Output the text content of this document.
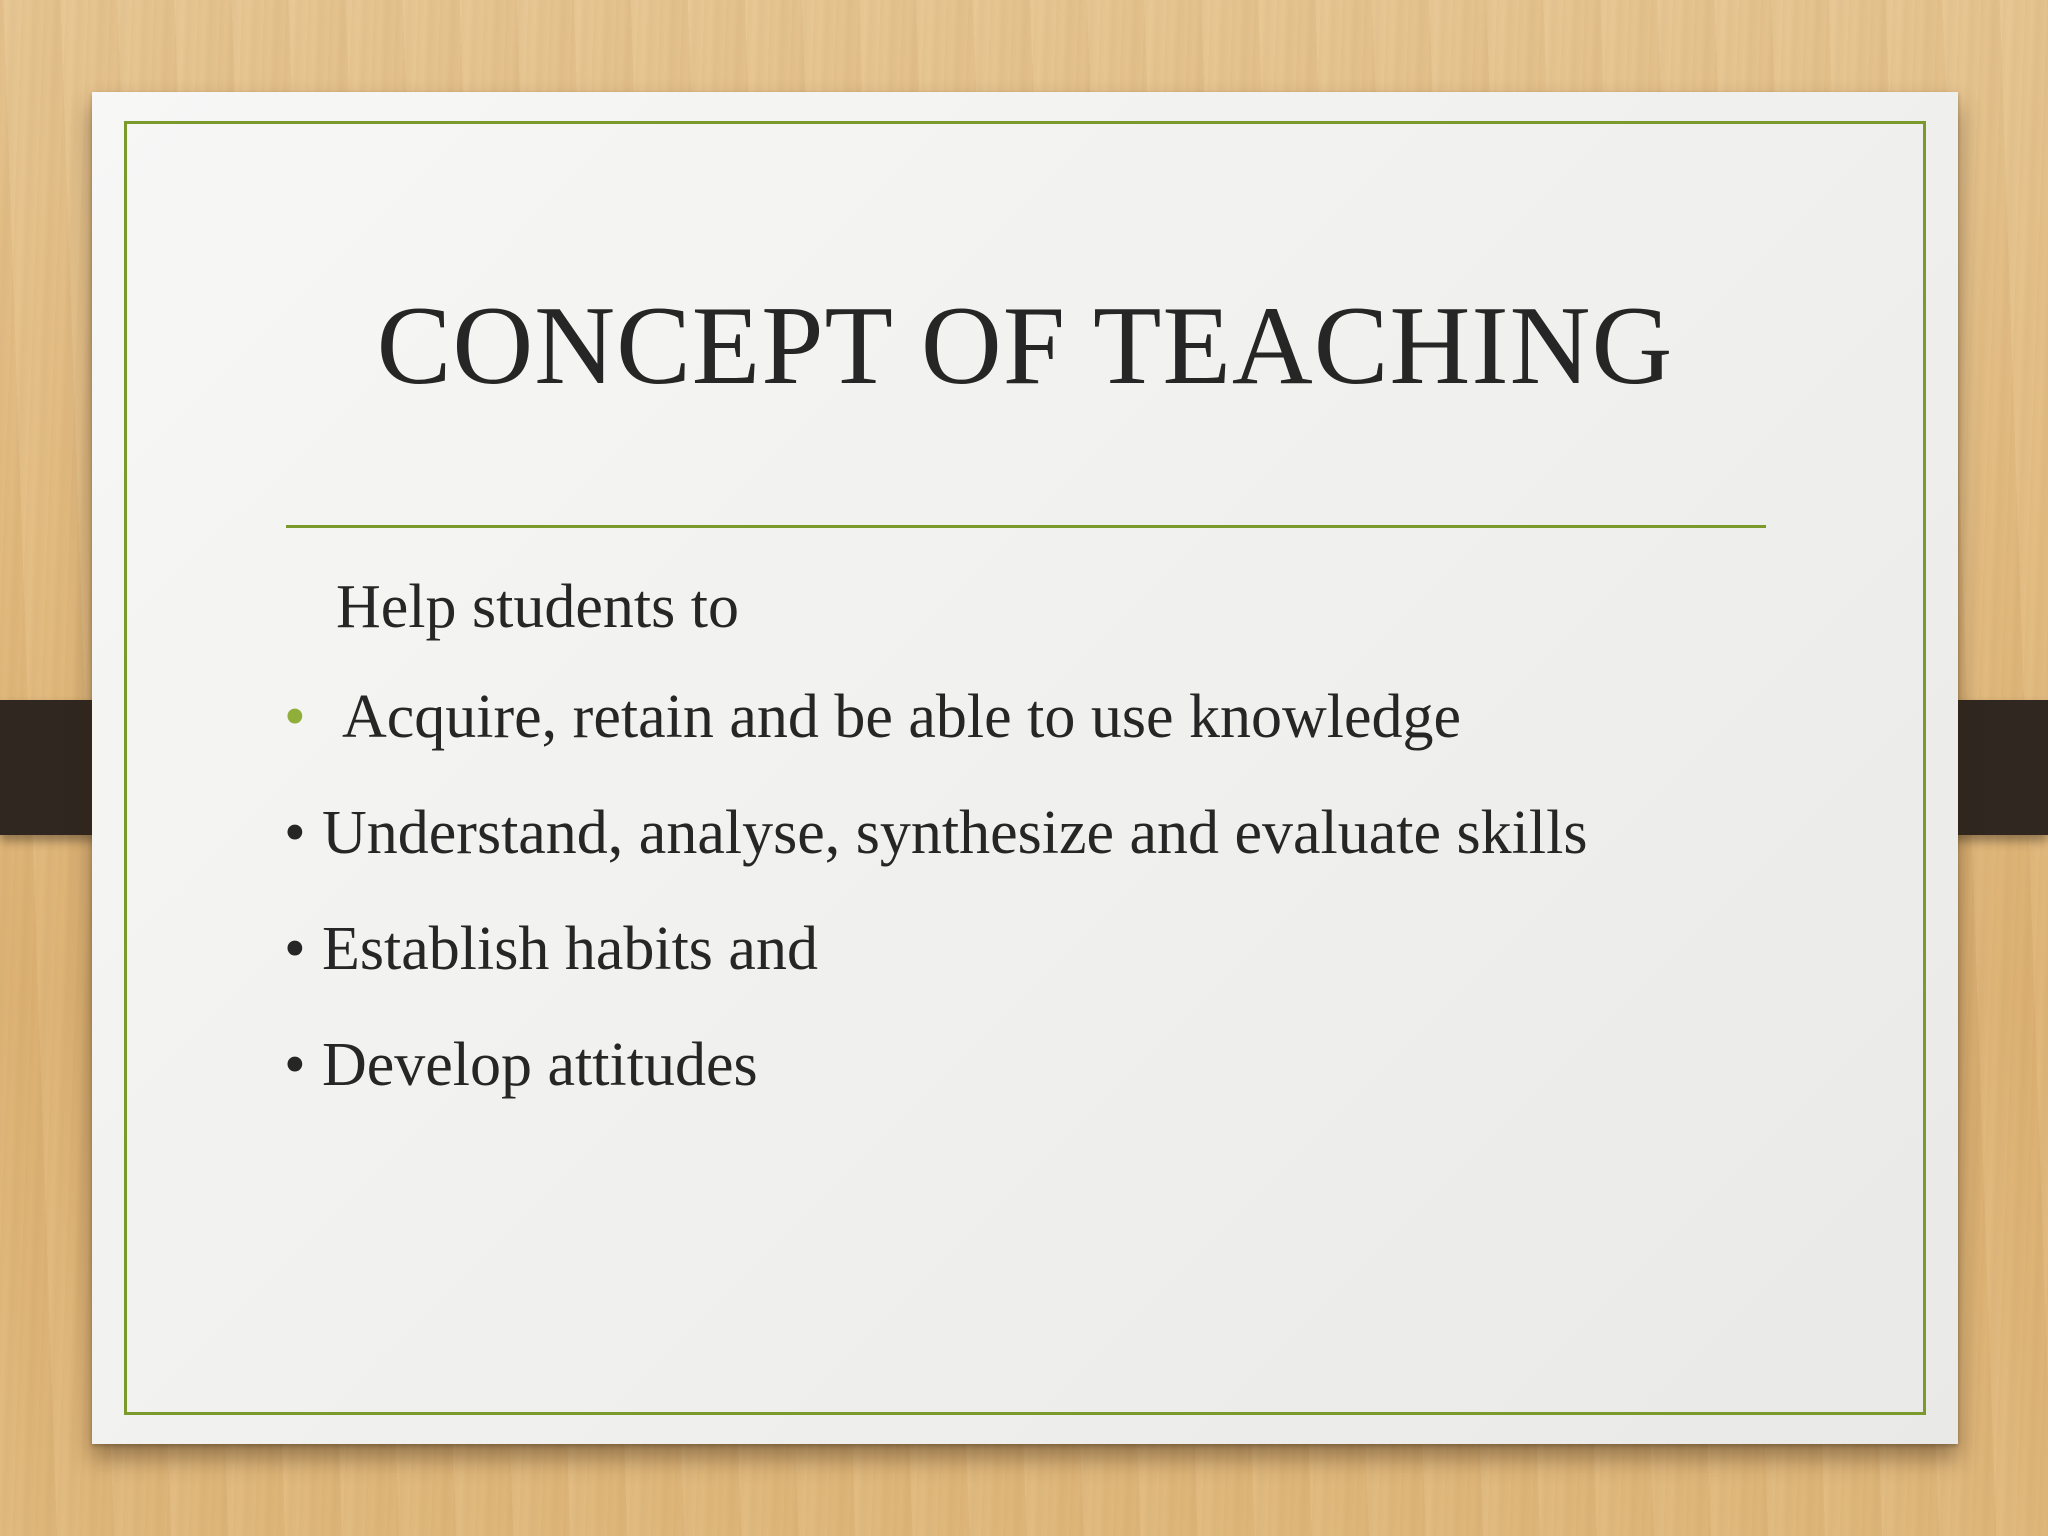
CONCEPT OF TEACHING
Help students to
• Acquire, retain and be able to use knowledge
• Understand, analyse, synthesize and evaluate skills
• Establish habits and
• Develop attitudes
